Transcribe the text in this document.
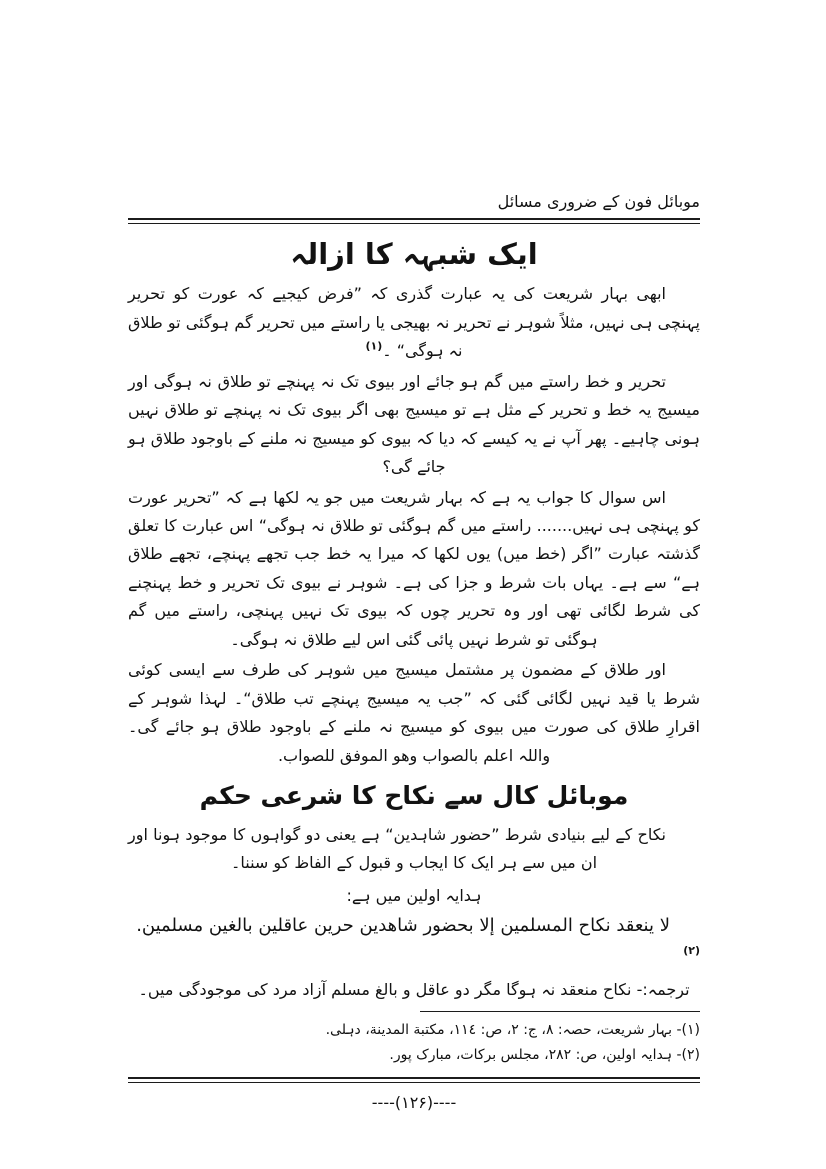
موبائل فون کے ضروری مسائل
ایک شبہہ کا ازالہ

ابھی بہار شریعت کی یہ عبارت گذری کہ ”فرض کیجیے کہ عورت کو تحریر پہنچی ہی نہیں، مثلاً شوہر نے تحریر نہ بھیجی یا راستے میں تحریر گم ہوگئی تو طلاق نہ ہوگی“ ۔$^{(۱)}$

تحریر و خط راستے میں گم ہو جائے اور بیوی تک نہ پہنچے تو طلاق نہ ہوگی اور میسیج یہ خط و تحریر کے مثل ہے تو میسیج بھی اگر بیوی تک نہ پہنچے تو طلاق نہیں ہونی چاہیے۔ پھر آپ نے یہ کیسے کہ دیا کہ بیوی کو میسیج نہ ملنے کے باوجود طلاق ہو جائے گی؟

اس سوال کا جواب یہ ہے کہ بہار شریعت میں جو یہ لکھا ہے کہ ”تحریر عورت کو پہنچی ہی نہیں....... راستے میں گم ہوگئی تو طلاق نہ ہوگی“ اس عبارت کا تعلق گذشتہ عبارت ”اگر (خط میں) یوں لکھا کہ میرا یہ خط جب تجھے پہنچے، تجھے طلاق ہے“ سے ہے۔ یہاں بات شرط و جزا کی ہے۔ شوہر نے بیوی تک تحریر و خط پہنچنے کی شرط لگائی تھی اور وہ تحریر چوں کہ بیوی تک نہیں پہنچی، راستے میں گم ہوگئی تو شرط نہیں پائی گئی اس لیے طلاق نہ ہوگی۔

اور طلاق کے مضمون پر مشتمل میسیج میں شوہر کی طرف سے ایسی کوئی شرط یا قید نہیں لگائی گئی کہ ”جب یہ میسیج پہنچے تب طلاق“۔ لہذا شوہر کے اقرارِ طلاق کی صورت میں بیوی کو میسیج نہ ملنے کے باوجود طلاق ہو جائے گی۔ واللہ اعلم بالصواب وھو الموفق للصواب.

موبائل کال سے نکاح کا شرعی حکم

نکاح کے لیے بنیادی شرط ”حضور شاہدین“ ہے یعنی دو گواہوں کا موجود ہونا اور ان میں سے ہر ایک کا ایجاب و قبول کے الفاظ کو سننا۔

ہدایہ اولین میں ہے:

لا ينعقد نكاح المسلمين إلا بحضور شاهدين حرين عاقلين بالغين مسلمين. $^{(۲)}$

ترجمہ:- نکاح منعقد نہ ہوگا مگر دو عاقل و بالغ مسلم آزاد مرد کی موجودگی میں۔

(۱)- بہار شریعت، حصہ: ۸، ج: ۲، ص: ۱۱٤، مکتبة المدینة، دہلی.
(۲)- ہدایہ اولین، ص: ۲۸۲، مجلس برکات، مبارک پور.
----(۱۲۶)----
